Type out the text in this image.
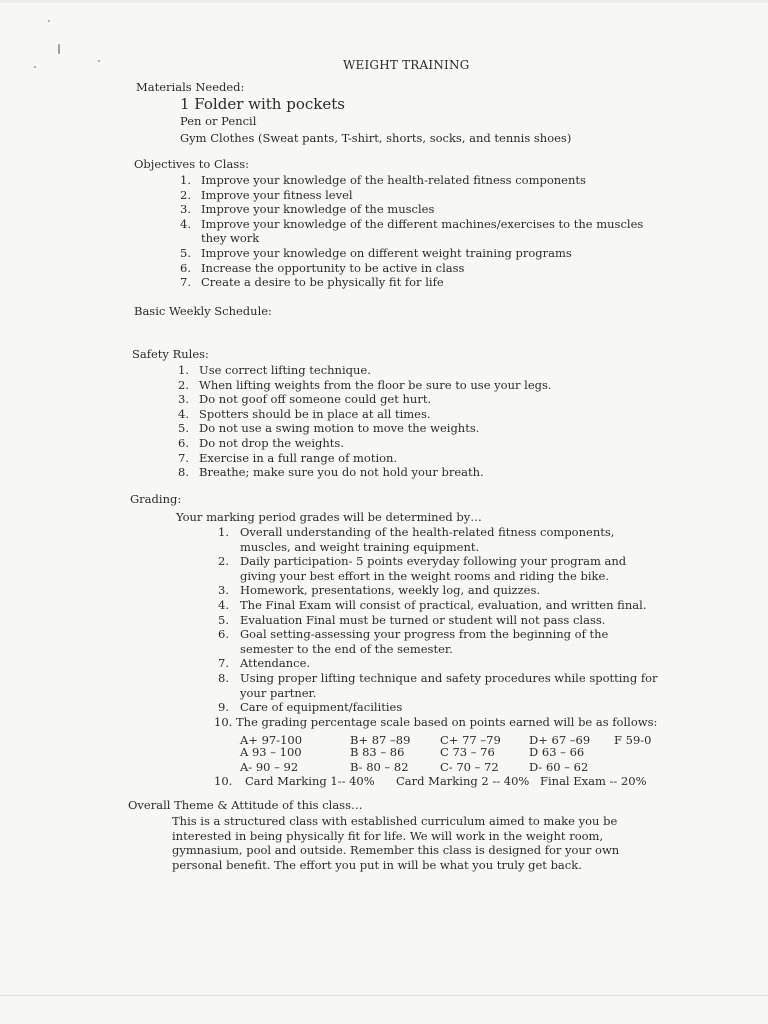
WEIGHT TRAINING
Materials Needed:
1 Folder with pockets
Pen or Pencil
Gym Clothes (Sweat pants, T-shirt, shorts, socks, and tennis shoes)
Objectives to Class:
1. Improve your knowledge of the health-related fitness components
2. Improve your fitness level
3. Improve your knowledge of the muscles
4. Improve your knowledge of the different machines/exercises to the muscles they work
5. Improve your knowledge on different weight training programs
6. Increase the opportunity to be active in class
7. Create a desire to be physically fit for life
Basic Weekly Schedule:
Safety Rules:
1. Use correct lifting technique.
2. When lifting weights from the floor be sure to use your legs.
3. Do not goof off someone could get hurt.
4. Spotters should be in place at all times.
5. Do not use a swing motion to move the weights.
6. Do not drop the weights.
7. Exercise in a full range of motion.
8. Breathe; make sure you do not hold your breath.
Grading:
Your marking period grades will be determined by…
1. Overall understanding of the health-related fitness components, muscles, and weight training equipment.
2. Daily participation- 5 points everyday following your program and giving your best effort in the weight rooms and riding the bike.
3. Homework, presentations, weekly log, and quizzes.
4. The Final Exam will consist of practical, evaluation, and written final.
5. Evaluation Final must be turned or student will not pass class.
6. Goal setting-assessing your progress from the beginning of the semester to the end of the semester.
7. Attendance.
8. Using proper lifting technique and safety procedures while spotting for your partner.
9. Care of equipment/facilities
10. The grading percentage scale based on points earned will be as follows:
A+ 97-100	B+ 87 –89	C+ 77 –79 D+ 67 –69 F 59-0
A 93 – 100	B 83 – 86	C 73 – 76	D 63 – 66
A- 90 – 92	B- 80 – 82	C- 70 – 72	D- 60 – 62
10. Card Marking 1-- 40% Card Marking 2 -- 40% Final Exam -- 20%
Overall Theme & Attitude of this class…
This is a structured class with established curriculum aimed to make you be interested in being physically fit for life. We will work in the weight room, gymnasium, pool and outside. Remember this class is designed for your own personal benefit. The effort you put in will be what you truly get back.
